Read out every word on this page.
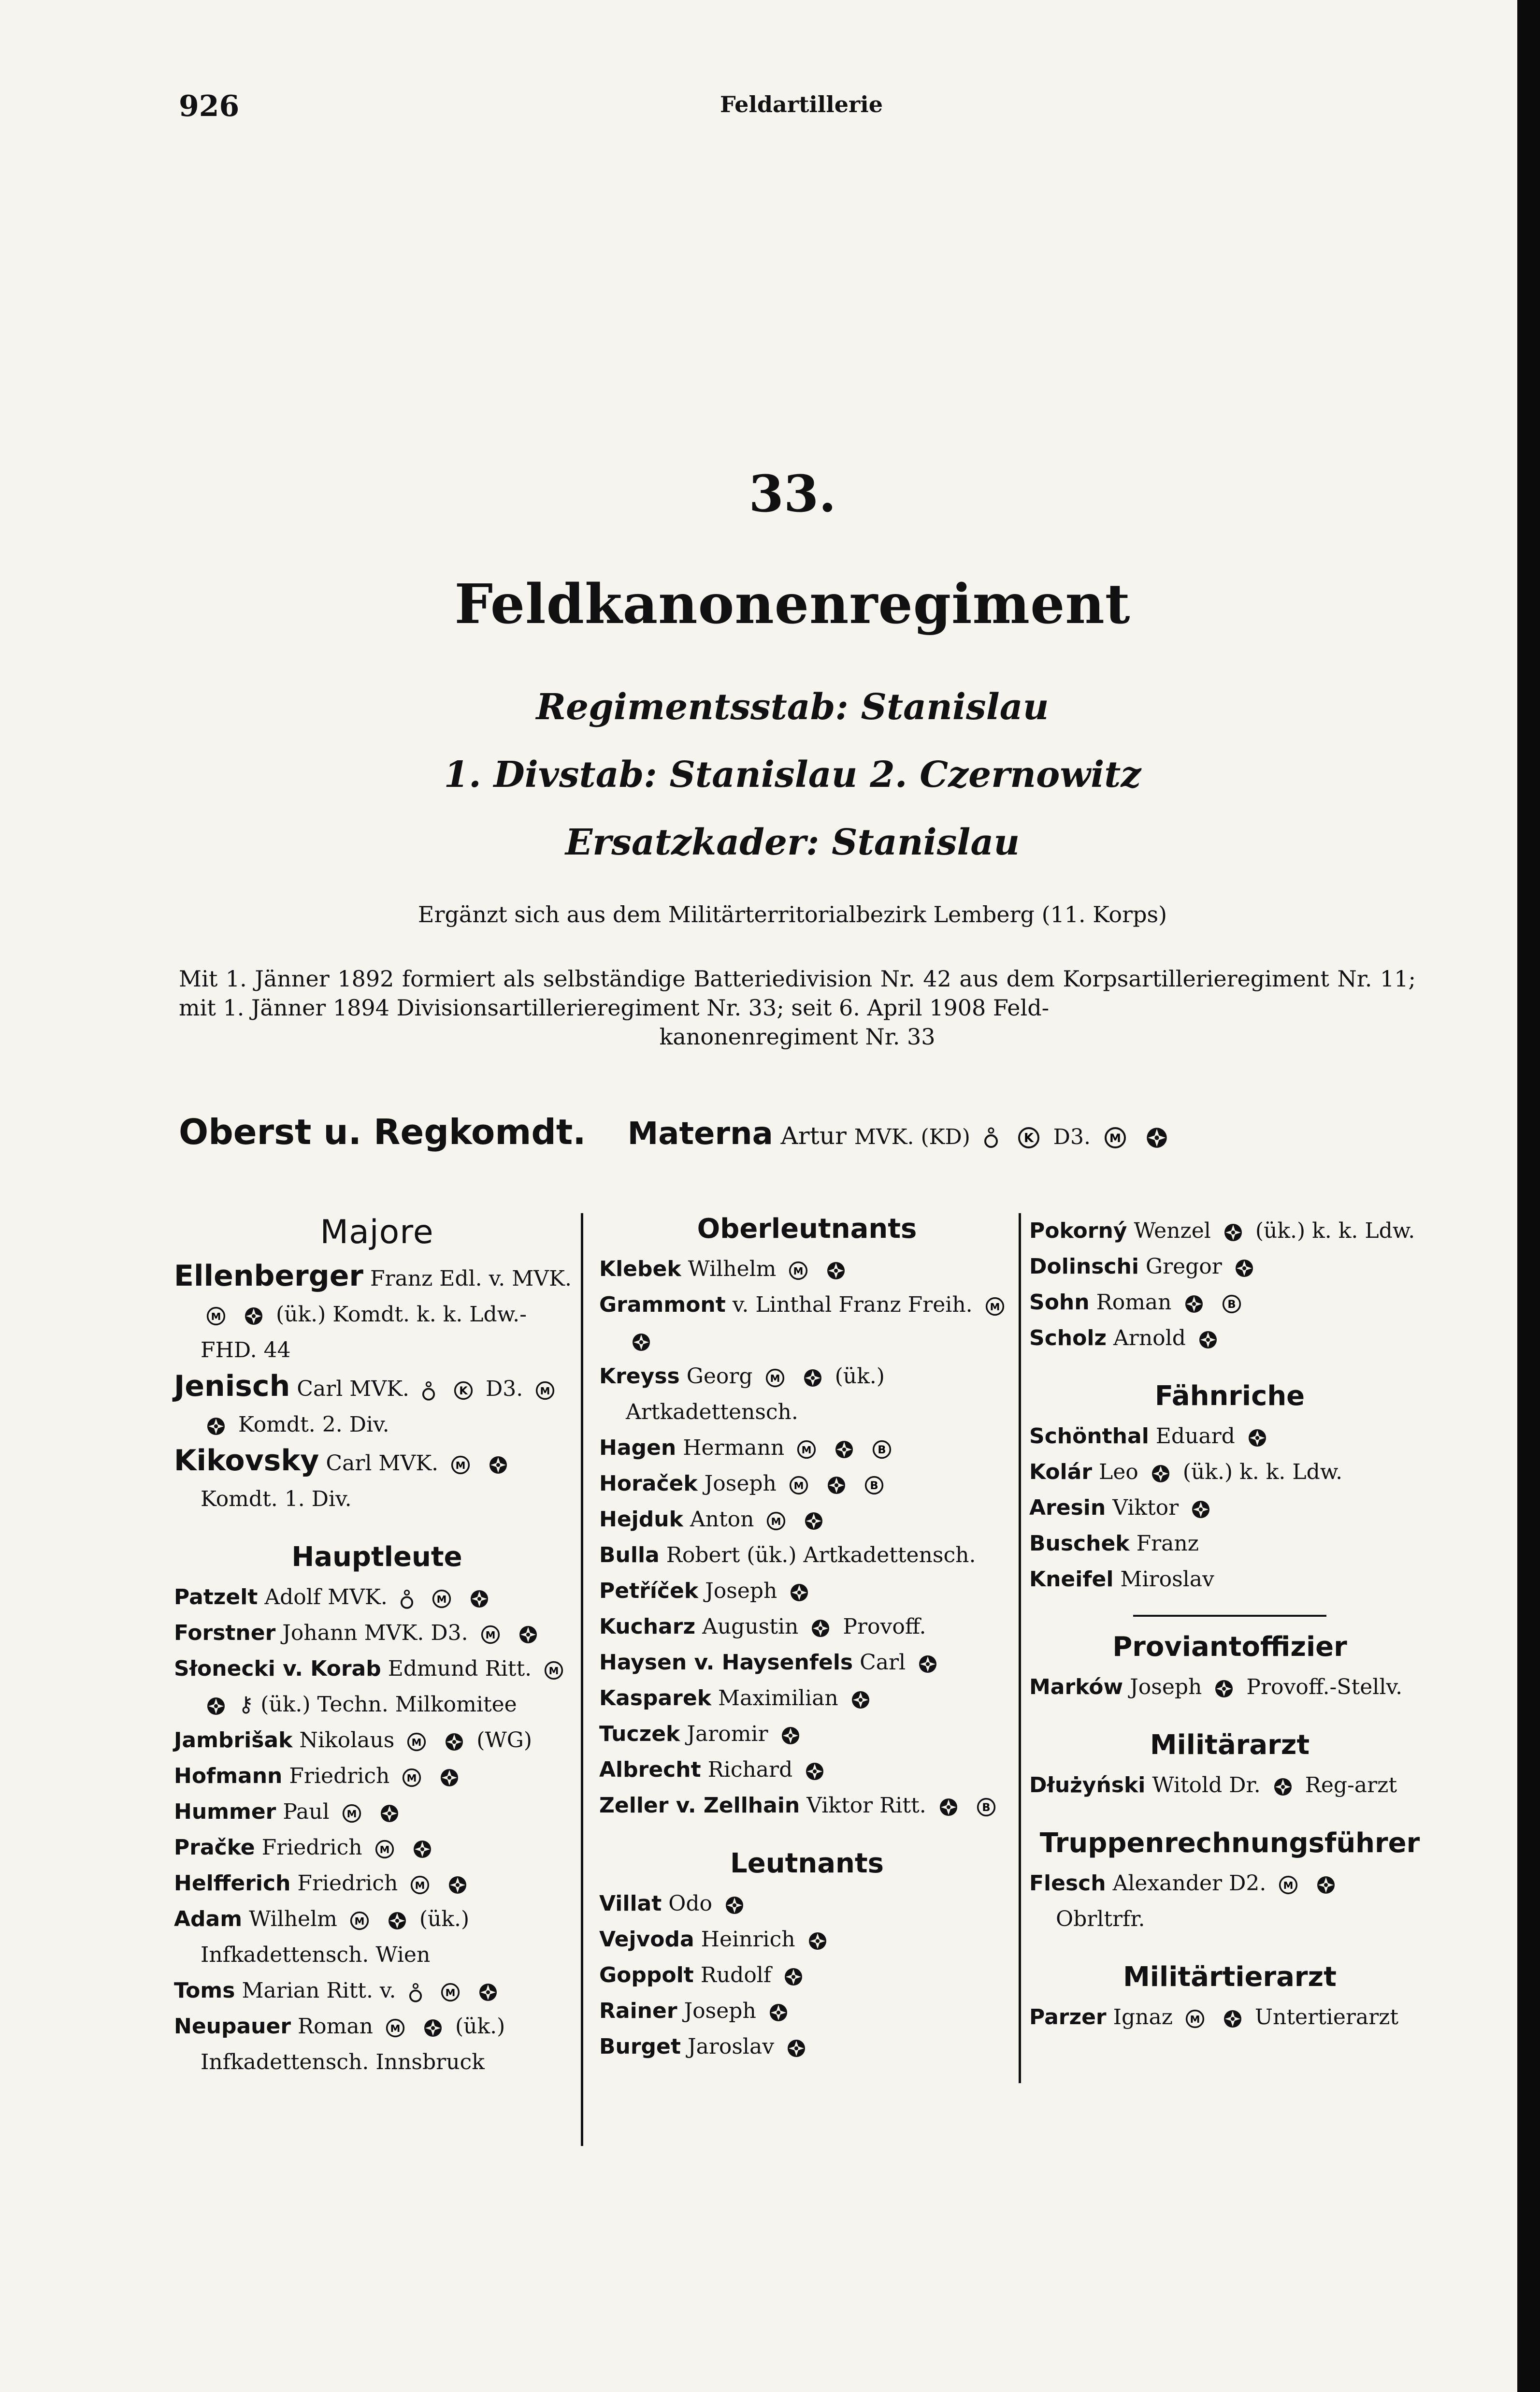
926	Feldartillerie
33.
Feldkanonenregiment
Regimentsstab: Stanislau
1. Divstab: Stanislau 2. Czernowitz
Ersatzkader: Stanislau
Ergänzt sich aus dem Militärterritorialbezirk Lemberg (11. Korps)
Mit 1. Jänner 1892 formiert als selbständige Batteriedivision Nr. 42 aus dem Korpsartillerieregiment Nr. 11; mit 1. Jänner 1894 Divisionsartillerieregiment Nr. 33; seit 6. April 1908 Feld-
kanonenregiment Nr. 33
Oberst u. Regkomdt. Materna Artur MVK. (KD)
	K D3. M

Majore
Ellenberger Franz Edl. v. MVK.
M
	(ük.) Komdt. k. k. Ldw.-FHD. 44
Jenisch Carl MVK.
	K D3. M

Komdt. 2. Div.
Kikovsky Carl MVK. M

Komdt. 1. Div.
Hauptleute
Patzelt Adolf MVK.
	M

Forstner Johann MVK. D3. M

Słonecki v. Korab Edmund Ritt. M

⚷ (ük.) Techn. Milkomitee
Jambrišak Nikolaus M
	(WG)
Hofmann Friedrich M

Hummer Paul M

Pračke Friedrich M

Helfferich Friedrich M

Adam Wilhelm M
	(ük.) Infkadettensch. Wien
Toms Marian Ritt. v.
	M

Neupauer Roman M
	(ük.) Infkadettensch. Innsbruck
Oberleutnants
Klebek Wilhelm M

Grammont v. Linthal Franz Freih. M

Kreyss Georg M
	(ük.) Artkadettensch.
Hagen Hermann M

	B
Horaček Joseph M

	B
Hejduk Anton M

Bulla Robert (ük.) Artkadettensch.
Petříček Joseph
Kucharz Augustin Provoff.
Haysen v. Haysenfels Carl
Kasparek Maximilian
Tuczek Jaromir
Albrecht Richard
Zeller v. Zellhain Viktor Ritt.
	B
Leutnants
Villat Odo
Vejvoda Heinrich
Goppolt Rudolf
Rainer Joseph
Burget Jaroslav
Pokorný Wenzel (ük.) k. k. Ldw.
Dolinschi Gregor
Sohn Roman
	B
Scholz Arnold
Fähnriche
Schönthal Eduard
Kolár Leo (ük.) k. k. Ldw.
Aresin Viktor
Buschek Franz
Kneifel Miroslav
Proviantoffizier
Marków Joseph Provoff.-Stellv.
Militärarzt
Dłużyński Witold Dr. Reg-arzt
Truppenrechnungsführer
Flesch Alexander D2. M

Obrltrfr.
Militärtierarzt
Parzer Ignaz M
	Untertierarzt
